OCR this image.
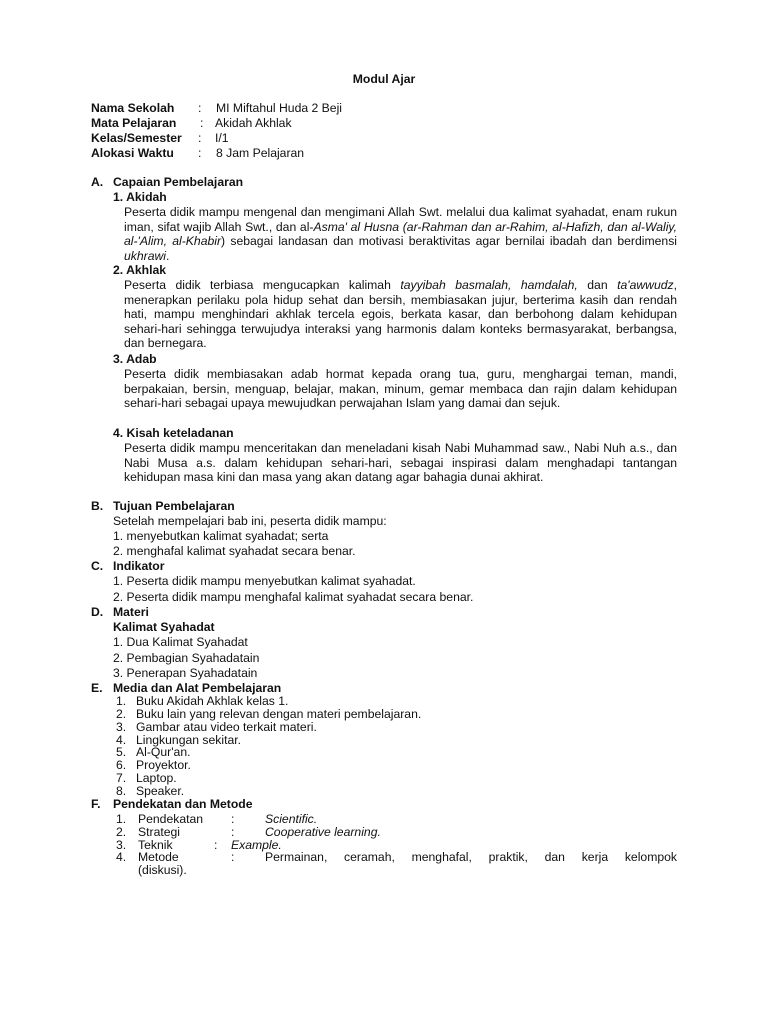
Modul Ajar
Nama Sekolah : MI Miftahul Huda 2 Beji
Mata Pelajaran : Akidah Akhlak
Kelas/Semester : I/1
Alokasi Waktu : 8 Jam Pelajaran
A. Capaian Pembelajaran
1. Akidah

Peserta didik mampu mengenal dan mengimani Allah Swt. melalui dua kalimat syahadat, enam rukun iman, sifat wajib Allah Swt., dan al-Asma' al Husna (ar-Rahman dan ar-Rahim, al-Hafizh, dan al-Waliy, al-'Alim, al-Khabir) sebagai landasan dan motivasi beraktivitas agar bernilai ibadah dan berdimensi ukhrawi.

2. Akhlak

Peserta didik terbiasa mengucapkan kalimah tayyibah basmalah, hamdalah, dan ta'awwudz, menerapkan perilaku pola hidup sehat dan bersih, membiasakan jujur, berterima kasih dan rendah hati, mampu menghindari akhlak tercela egois, berkata kasar, dan berbohong dalam kehidupan sehari-hari sehingga terwujudya interaksi yang harmonis dalam konteks bermasyarakat, berbangsa, dan bernegara.

3. Adab

Peserta didik membiasakan adab hormat kepada orang tua, guru, menghargai teman, mandi, berpakaian, bersin, menguap, belajar, makan, minum, gemar membaca dan rajin dalam kehidupan sehari-hari sebagai upaya mewujudkan perwajahan Islam yang damai dan sejuk.

4. Kisah keteladanan

Peserta didik mampu menceritakan dan meneladani kisah Nabi Muhammad saw., Nabi Nuh a.s., dan Nabi Musa a.s. dalam kehidupan sehari-hari, sebagai inspirasi dalam menghadapi tantangan kehidupan masa kini dan masa yang akan datang agar bahagia dunai akhirat.

B. Tujuan Pembelajaran
Setelah mempelajari bab ini, peserta didik mampu:
1. menyebutkan kalimat syahadat; serta
2. menghafal kalimat syahadat secara benar.
C. Indikator
1. Peserta didik mampu menyebutkan kalimat syahadat.
2. Peserta didik mampu menghafal kalimat syahadat secara benar.
D. Materi
Kalimat Syahadat
1. Dua Kalimat Syahadat
2. Pembagian Syahadatain
3. Penerapan Syahadatain
E. Media dan Alat Pembelajaran
1. Buku Akidah Akhlak kelas 1.
2. Buku lain yang relevan dengan materi pembelajaran.
3. Gambar atau video terkait materi.
4. Lingkungan sekitar.
5. Al-Qur'an.
6. Proyektor.
7. Laptop.
8. Speaker.
F. Pendekatan dan Metode
1. Pendekatan :	Scientific.
2. Strategi	:	Cooperative learning.
3. Teknik	: Example.
4. Metode	:	Permainan, ceramah, menghafal, praktik, dan kerja kelompok
(diskusi).
